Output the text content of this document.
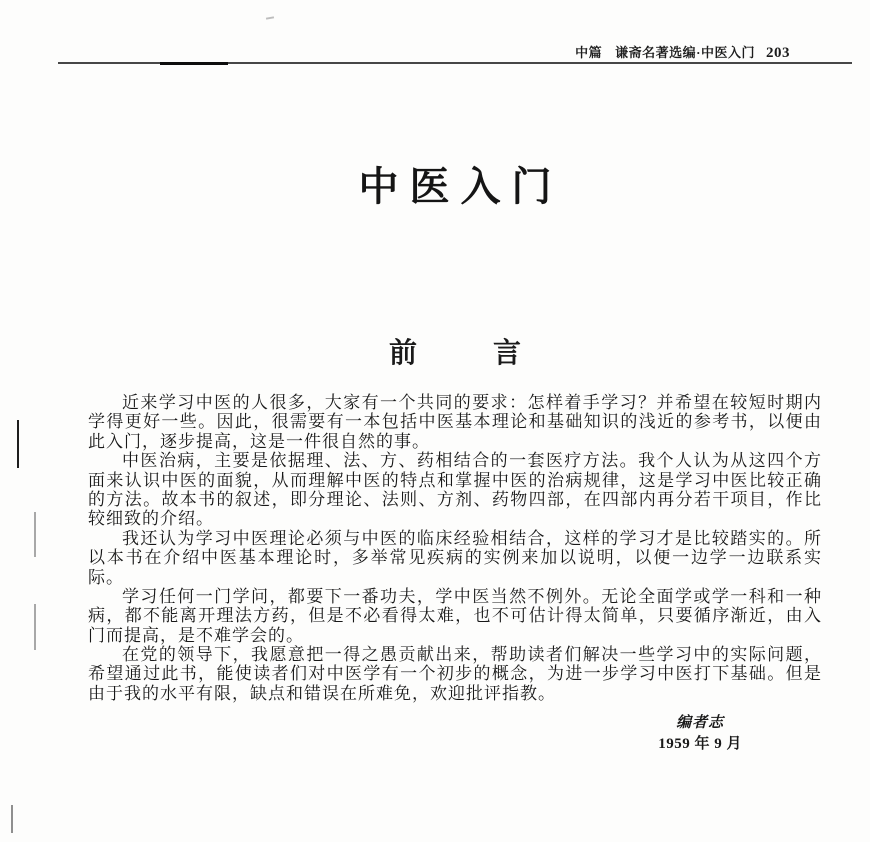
中篇 谦斋名著选编·中医入门 203
中医入门
前言
近来学习中医的人很多，大家有一个共同的要求：怎样着手学习？并希望在较短时期内
学得更好一些。因此，很需要有一本包括中医基本理论和基础知识的浅近的参考书，以便由
此入门，逐步提高，这是一件很自然的事。
中医治病，主要是依据理、法、方、药相结合的一套医疗方法。我个人认为从这四个方
面来认识中医的面貌，从而理解中医的特点和掌握中医的治病规律，这是学习中医比较正确
的方法。故本书的叙述，即分理论、法则、方剂、药物四部，在四部内再分若干项目，作比
较细致的介绍。
我还认为学习中医理论必须与中医的临床经验相结合，这样的学习才是比较踏实的。所
以本书在介绍中医基本理论时，多举常见疾病的实例来加以说明，以便一边学一边联系实
际。
学习任何一门学问，都要下一番功夫，学中医当然不例外。无论全面学或学一科和一种
病，都不能离开理法方药，但是不必看得太难，也不可估计得太简单，只要循序渐近，由入
门而提高，是不难学会的。
在党的领导下，我愿意把一得之愚贡献出来，帮助读者们解决一些学习中的实际问题，
希望通过此书，能使读者们对中医学有一个初步的概念，为进一步学习中医打下基础。但是
由于我的水平有限，缺点和错误在所难免，欢迎批评指教。
编者志
1959 年 9 月
